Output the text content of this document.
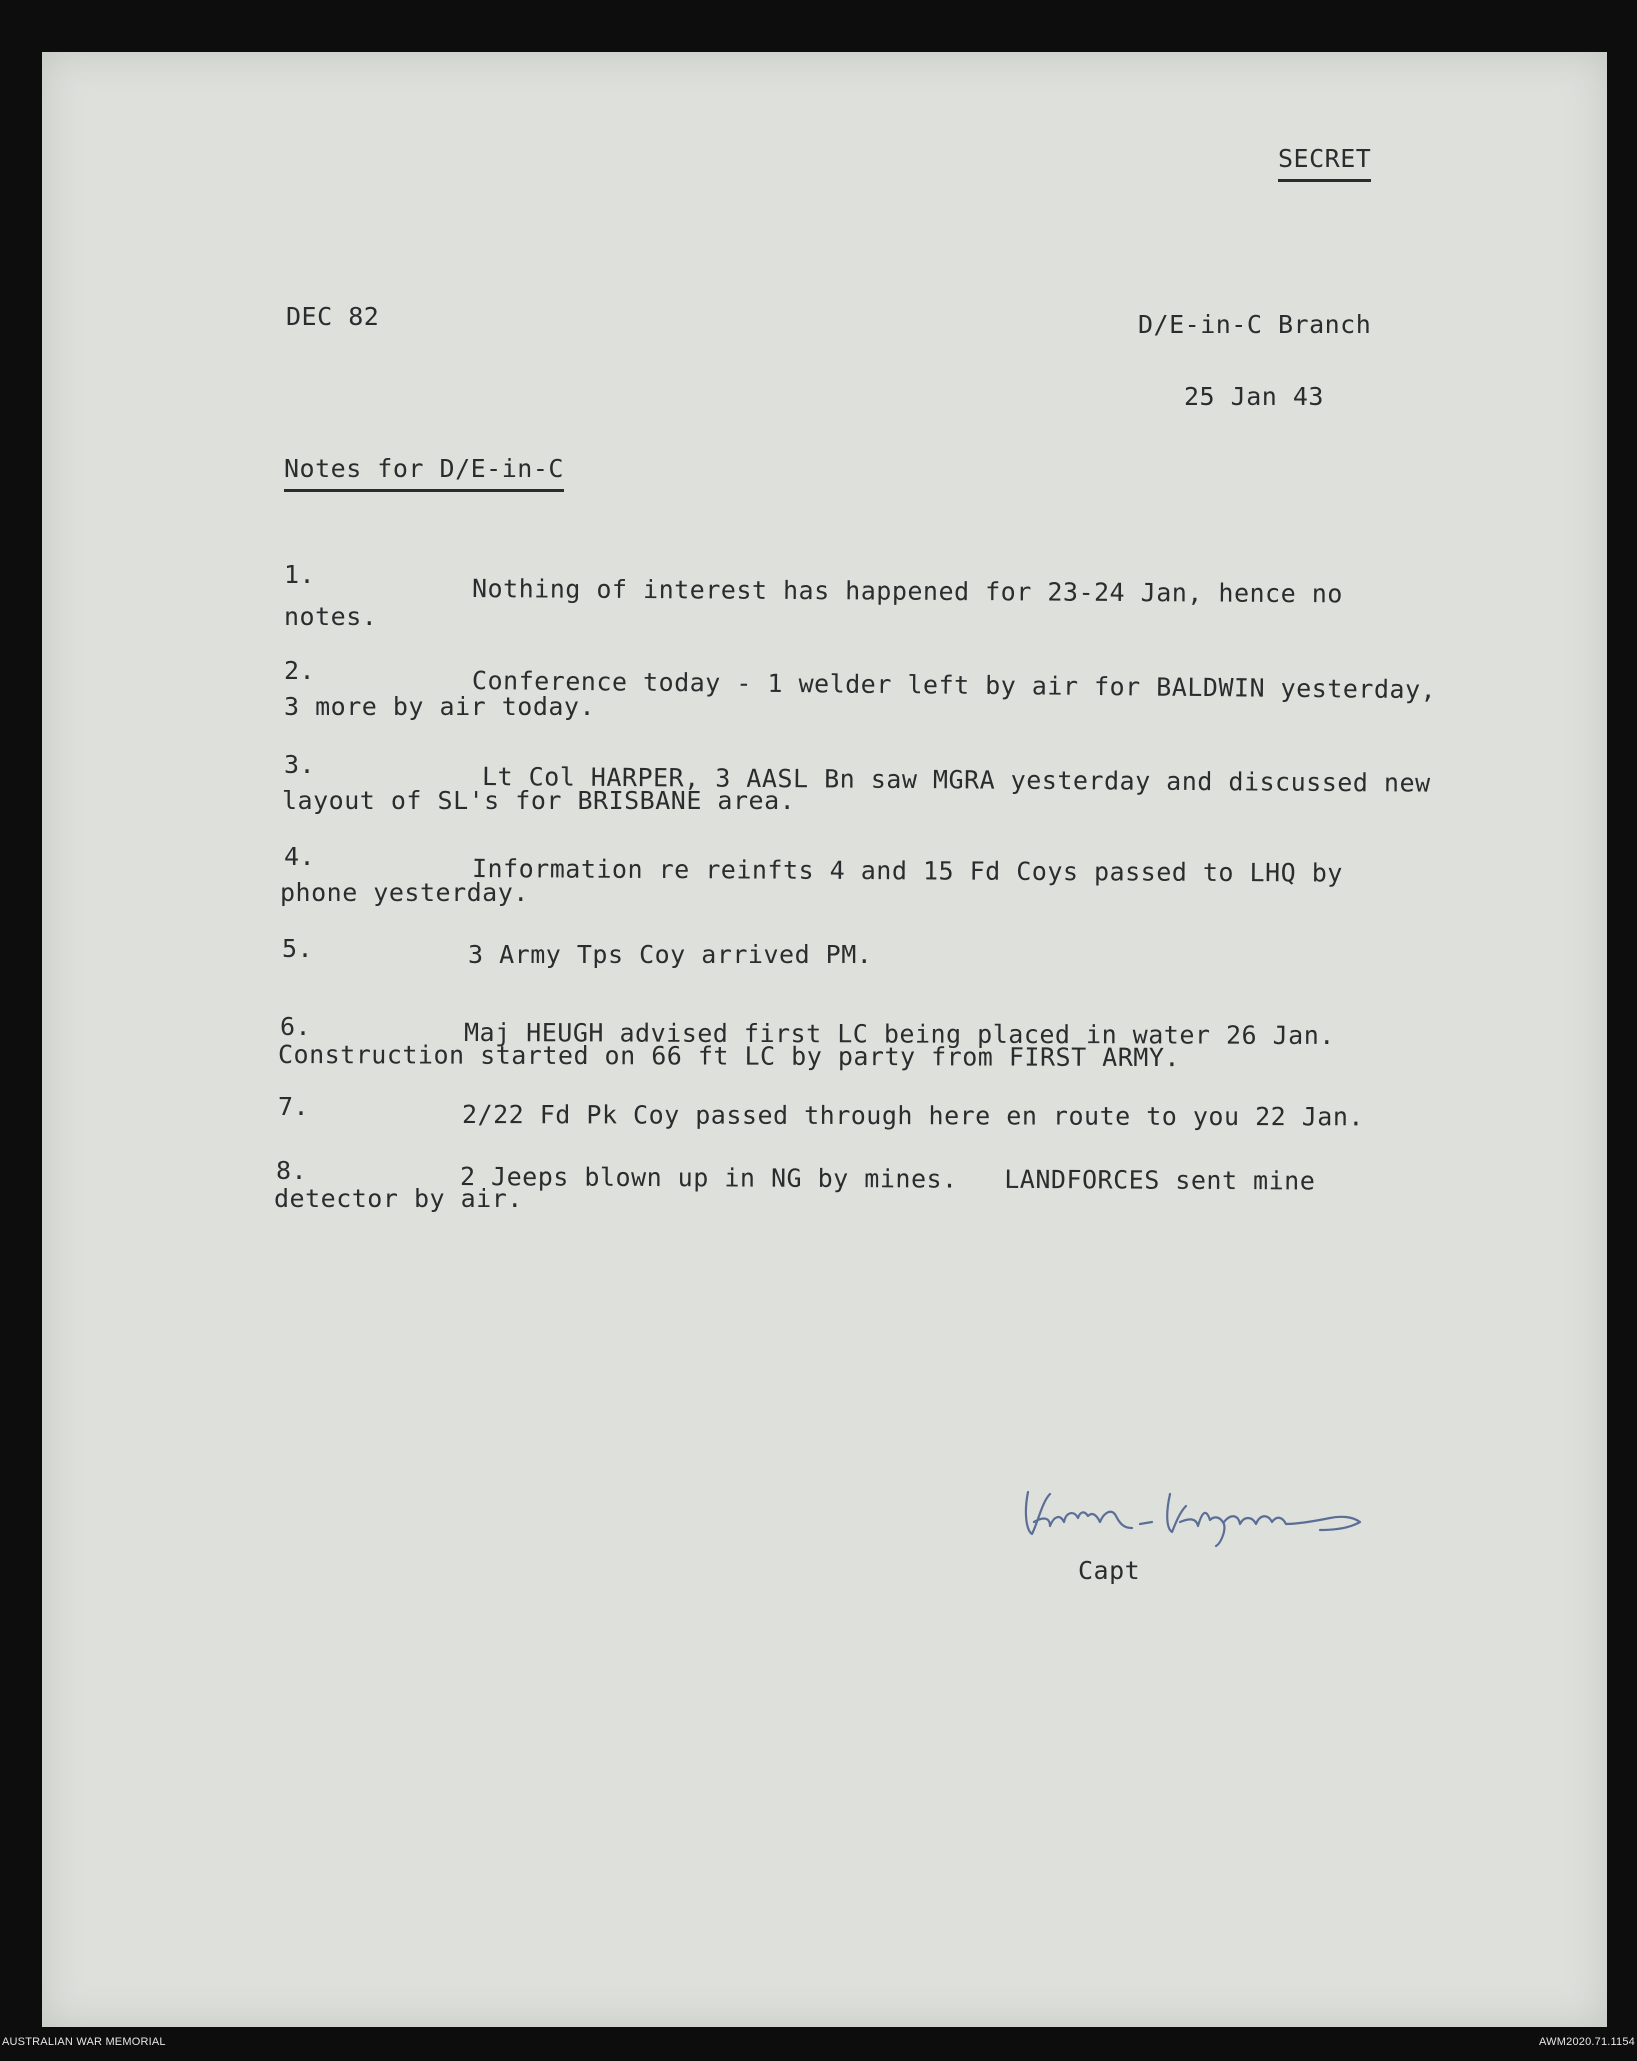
SECRET
DEC 82	D/E-in-C Branch
25 Jan 43
Notes for D/E-in-C
1.	Nothing of interest has happened for 23-24 Jan, hence no
notes.
2.	Conference today - 1 welder left by air for BALDWIN yesterday,
3 more by air today.
3.	Lt Col HARPER, 3 AASL Bn saw MGRA yesterday and discussed new
layout of SL's for BRISBANE area.
4.	Information re reinfts 4 and 15 Fd Coys passed to LHQ by
phone yesterday.
5.	3 Army Tps Coy arrived PM.
6.	Maj HEUGH advised first LC being placed in water 26 Jan.
Construction started on 66 ft LC by party from FIRST ARMY.
7.	2/22 Fd Pk Coy passed through here en route to you 22 Jan.
8.	2 Jeeps blown up in NG by mines.   LANDFORCES sent mine
detector by air.
Capt
AUSTRALIAN WAR MEMORIAL	AWM2020.71.1154
